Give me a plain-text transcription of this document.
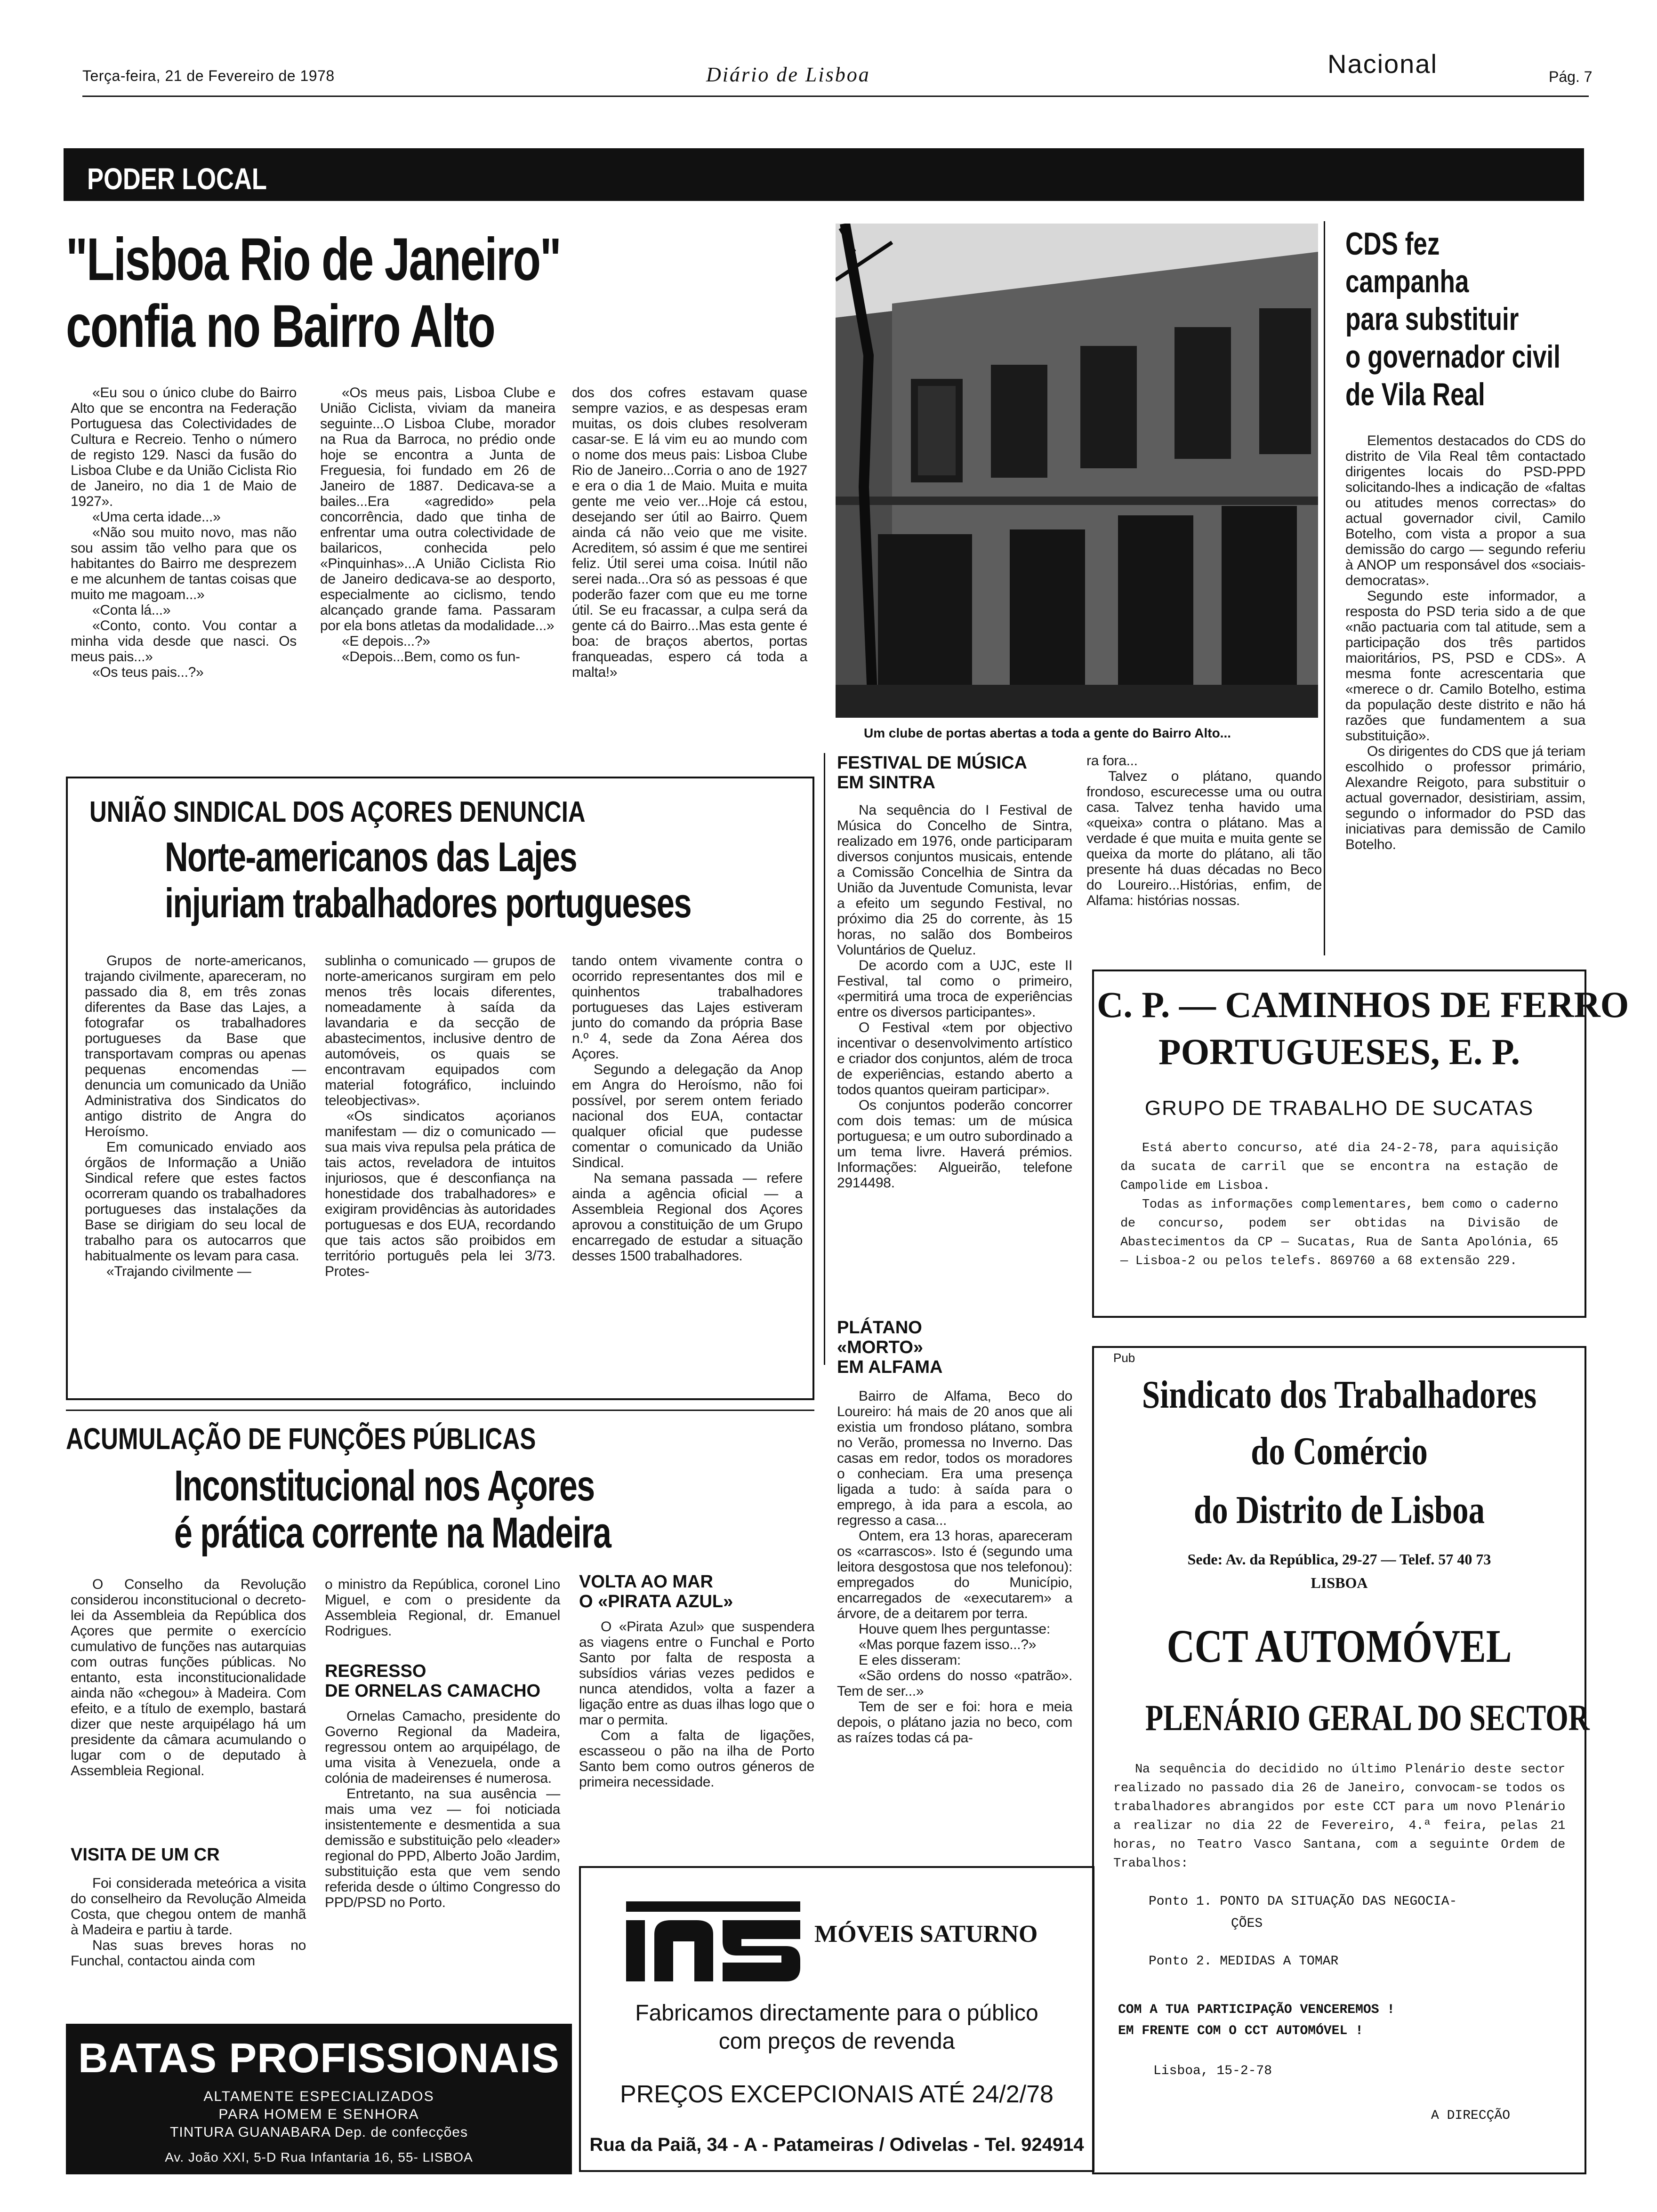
Terça-feira, 21 de Fevereiro de 1978	Diário de Lisboa	Nacional	Pág. 7
PODER LOCAL
"Lisboa Rio de Janeiro"
confia no Bairro Alto

«Eu sou o único clube do Bairro Alto que se encontra na Federação Portuguesa das Colectividades de Cultura e Recreio. Tenho o número de registo 129. Nasci da fusão do Lisboa Clube e da União Ciclista Rio de Janeiro, no dia 1 de Maio de 1927».

«Uma certa idade...»

«Não sou muito novo, mas não sou assim tão velho para que os habitantes do Bairro me desprezem e me alcunhem de tantas coisas que muito me magoam...»

«Conta lá...»

«Conto, conto. Vou contar a minha vida desde que nasci. Os meus pais...»

«Os teus pais...?»

«Os meus pais, Lisboa Clube e União Ciclista, viviam da maneira seguinte...O Lisboa Clube, morador na Rua da Barroca, no prédio onde hoje se encontra a Junta de Freguesia, foi fundado em 26 de Janeiro de 1887. Dedicava-se a bailes...Era «agredido» pela concorrência, dado que tinha de enfrentar uma outra colectividade de bailaricos, conhecida pelo «Pinquinhas»...A União Ciclista Rio de Janeiro dedicava-se ao desporto, especialmente ao ciclismo, tendo alcançado grande fama. Passaram por ela bons atletas da modalidade...»

«E depois...?»

«Depois...Bem, como os fun-

dos dos cofres estavam quase sempre vazios, e as despesas eram muitas, os dois clubes resolveram casar-se. E lá vim eu ao mundo com o nome dos meus pais: Lisboa Clube Rio de Janeiro...Corria o ano de 1927 e era o dia 1 de Maio. Muita e muita gente me veio ver...Hoje cá estou, desejando ser útil ao Bairro. Quem ainda cá não veio que me visite. Acreditem, só assim é que me sentirei feliz. Útil serei uma coisa. Inútil não serei nada...Ora só as pessoas é que poderão fazer com que eu me torne útil. Se eu fracassar, a culpa será da gente cá do Bairro...Mas esta gente é boa: de braços abertos, portas franqueadas, espero cá toda a malta!»

Um clube de portas abertas a toda a gente do Bairro Alto...
CDS fez
campanha
para substituir
o governador civil
de Vila Real

Elementos destacados do CDS do distrito de Vila Real têm contactado dirigentes locais do PSD-PPD solicitando-lhes a indicação de «faltas ou atitudes menos correctas» do actual governador civil, Camilo Botelho, com vista a propor a sua demissão do cargo — segundo referiu à ANOP um responsável dos «sociais-democratas».

Segundo este informador, a resposta do PSD teria sido a de que «não pactuaria com tal atitude, sem a participação dos três partidos maioritários, PS, PSD e CDS». A mesma fonte acrescentaria que «merece o dr. Camilo Botelho, estima da população deste distrito e não há razões que fundamentem a sua substituição».

Os dirigentes do CDS que já teriam escolhido o professor primário, Alexandre Reigoto, para substituir o actual governador, desistiriam, assim, segundo o informador do PSD das iniciativas para demissão de Camilo Botelho.

FESTIVAL DE MÚSICA
EM SINTRA

Na sequência do I Festival de Música do Concelho de Sintra, realizado em 1976, onde participaram diversos conjuntos musicais, entende a Comissão Concelhia de Sintra da União da Juventude Comunista, levar a efeito um segundo Festival, no próximo dia 25 do corrente, às 15 horas, no salão dos Bombeiros Voluntários de Queluz.

De acordo com a UJC, este II Festival, tal como o primeiro, «permitirá uma troca de experiências entre os diversos participantes».

O Festival «tem por objectivo incentivar o desenvolvimento artístico e criador dos conjuntos, além de troca de experiências, estando aberto a todos quantos queiram participar».

Os conjuntos poderão concorrer com dois temas: um de música portuguesa; e um outro subordinado a um tema livre. Haverá prémios. Informações: Algueirão, telefone 2914498.

PLÁTANO
«MORTO»
EM ALFAMA

Bairro de Alfama, Beco do Loureiro: há mais de 20 anos que ali existia um frondoso plátano, sombra no Verão, promessa no Inverno. Das casas em redor, todos os moradores o conheciam. Era uma presença ligada a tudo: à saída para o emprego, à ida para a escola, ao regresso a casa...

Ontem, era 13 horas, apareceram os «carrascos». Isto é (segundo uma leitora desgostosa que nos telefonou): empregados do Município, encarregados de «executarem» a árvore, de a deitarem por terra.

Houve quem lhes perguntasse:

«Mas porque fazem isso...?»

E eles disseram:

«São ordens do nosso «patrão». Tem de ser...»

Tem de ser e foi: hora e meia depois, o plátano jazia no beco, com as raízes todas cá pa-

ra fora...

Talvez o plátano, quando frondoso, escurecesse uma ou outra casa. Talvez tenha havido uma «queixa» contra o plátano. Mas a verdade é que muita e muita gente se queixa da morte do plátano, ali tão presente há duas décadas no Beco do Loureiro...Histórias, enfim, de Alfama: histórias nossas.

UNIÃO SINDICAL DOS AÇORES DENUNCIA
Norte-americanos das Lajes
injuriam trabalhadores portugueses

Grupos de norte-americanos, trajando civilmente, apareceram, no passado dia 8, em três zonas diferentes da Base das Lajes, a fotografar os trabalhadores portugueses da Base que transportavam compras ou apenas pequenas encomendas — denuncia um comunicado da União Administrativa dos Sindicatos do antigo distrito de Angra do Heroísmo.

Em comunicado enviado aos órgãos de Informação a União Sindical refere que estes factos ocorreram quando os trabalhadores portugueses das instalações da Base se dirigiam do seu local de trabalho para os autocarros que habitualmente os levam para casa.

«Trajando civilmente —

sublinha o comunicado — grupos de norte-americanos surgiram em pelo menos três locais diferentes, nomeadamente à saída da lavandaria e da secção de abastecimentos, inclusive dentro de automóveis, os quais se encontravam equipados com material fotográfico, incluindo teleobjectivas».

«Os sindicatos açorianos manifestam — diz o comunicado — sua mais viva repulsa pela prática de tais actos, reveladora de intuitos injuriosos, que é desconfiança na honestidade dos trabalhadores» e exigiram providências às autoridades portuguesas e dos EUA, recordando que tais actos são proibidos em território português pela lei 3/73. Protes-

tando ontem vivamente contra o ocorrido representantes dos mil e quinhentos trabalhadores portugueses das Lajes estiveram junto do comando da própria Base n.º 4, sede da Zona Aérea dos Açores.

Segundo a delegação da Anop em Angra do Heroísmo, não foi possível, por serem ontem feriado nacional dos EUA, contactar qualquer oficial que pudesse comentar o comunicado da União Sindical.

Na semana passada — refere ainda a agência oficial — a Assembleia Regional dos Açores aprovou a constituição de um Grupo encarregado de estudar a situação desses 1500 trabalhadores.

ACUMULAÇÃO DE FUNÇÕES PÚBLICAS
Inconstitucional nos Açores
é prática corrente na Madeira

O Conselho da Revolução considerou inconstitucional o decreto-lei da Assembleia da República dos Açores que permite o exercício cumulativo de funções nas autarquias com outras funções públicas. No entanto, esta inconstitucionalidade ainda não «chegou» à Madeira. Com efeito, e a título de exemplo, bastará dizer que neste arquipélago há um presidente da câmara acumulando o lugar com o de deputado à Assembleia Regional.

VISITA DE UM CR

Foi considerada meteórica a visita do conselheiro da Revolução Almeida Costa, que chegou ontem de manhã à Madeira e partiu à tarde.

Nas suas breves horas no Funchal, contactou ainda com

o ministro da República, coronel Lino Miguel, e com o presidente da Assembleia Regional, dr. Emanuel Rodrigues.

REGRESSO
DE ORNELAS CAMACHO

Ornelas Camacho, presidente do Governo Regional da Madeira, regressou ontem ao arquipélago, de uma visita à Venezuela, onde a colónia de madeirenses é numerosa.

Entretanto, na sua ausência — mais uma vez — foi noticiada insistentemente e desmentida a sua demissão e substituição pelo «leader» regional do PPD, Alberto João Jardim, substituição esta que vem sendo referida desde o último Congresso do PPD/PSD no Porto.

VOLTA AO MAR
O «PIRATA AZUL»

O «Pirata Azul» que suspendera as viagens entre o Funchal e Porto Santo por falta de resposta a subsídios várias vezes pedidos e nunca atendidos, volta a fazer a ligação entre as duas ilhas logo que o mar o permita.

Com a falta de ligações, escasseou o pão na ilha de Porto Santo bem como outros géneros de primeira necessidade.

BATAS PROFISSIONAIS
ALTAMENTE ESPECIALIZADOS
PARA HOMEM E SENHORA
TINTURA GUANABARA Dep. de confecções
Av. João XXI, 5-D Rua Infantaria 16, 55- LISBOA
MÓVEIS SATURNO
Fabricamos directamente para o público
com preços de revenda
PREÇOS EXCEPCIONAIS ATÉ 24/2/78
Rua da Paiã, 34 - A - Patameiras / Odivelas - Tel. 924914
C. P. — CAMINHOS DE FERRO
PORTUGUESES, E. P.
GRUPO DE TRABALHO DE SUCATAS

Está aberto concurso, até dia 24-2-78, para aquisição da sucata de carril que se encontra na estação de Campolide em Lisboa.

Todas as informações complementares, bem como o caderno de concurso, podem ser obtidas na Divisão de Abastecimentos da CP — Sucatas, Rua de Santa Apolónia, 65 — Lisboa-2 ou pelos telefs. 869760 a 68 extensão 229.

Pub
Sindicato dos Trabalhadores
do Comércio
do Distrito de Lisboa
Sede: Av. da República, 29-27 — Telef. 57 40 73
LISBOA
CCT AUTOMÓVEL
PLENÁRIO GERAL DO SECTOR

Na sequência do decidido no último Plenário deste sector realizado no passado dia 26 de Janeiro, convocam-se todos os trabalhadores abrangidos por este CCT para um novo Plenário a realizar no dia 22 de Fevereiro, 4.ª feira, pelas 21 horas, no Teatro Vasco Santana, com a seguinte Ordem de Trabalhos:

Ponto 1. PONTO DA SITUAÇÃO DAS NEGOCIA-
ÇÕES
Ponto 2. MEDIDAS A TOMAR
COM A TUA PARTICIPAÇÃO VENCEREMOS !
EM FRENTE COM O CCT AUTOMÓVEL !
Lisboa, 15-2-78
A DIRECÇÃO
